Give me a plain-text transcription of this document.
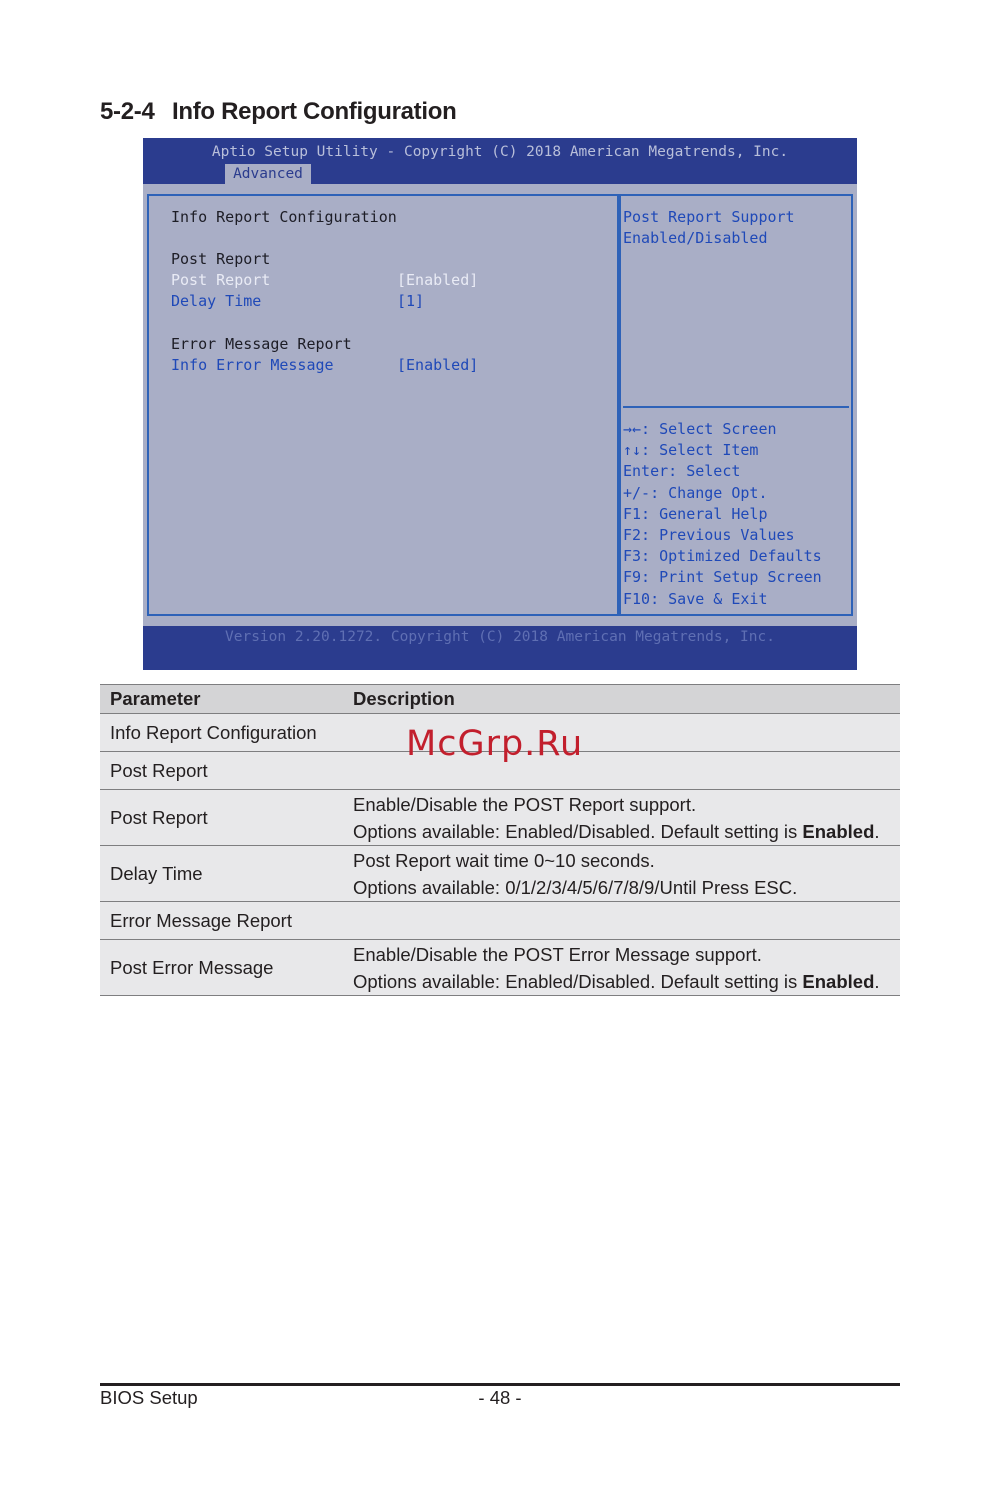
5-2-4 Info Report Configuration
Aptio Setup Utility - Copyright (C) 2018 American Megatrends, Inc.
Advanced
Info Report Configuration
Post Report
Post Report	[Enabled]
Delay Time	[1]
Error Message Report
Info Error Message	[Enabled]
Post Report Support
Enabled/Disabled
→←: Select Screen
↑↓: Select Item
Enter: Select
+/-: Change Opt.
F1: General Help
F2: Previous Values
F3: Optimized Defaults
F9: Print Setup Screen
F10: Save & Exit
Version 2.20.1272. Copyright (C) 2018 American Megatrends, Inc.
Parameter	Description
Info Report Configuration	
Post Report	
Post Report	Enable/Disable the POST Report support.
Options available: Enabled/Disabled. Default setting is Enabled.

Delay Time	Post Report wait time 0~10 seconds.
Options available: 0/1/2/3/4/5/6/7/8/9/Until Press ESC.

Error Message Report	
Post Error Message	Enable/Disable the POST Error Message support.
Options available: Enabled/Disabled. Default setting is Enabled.
McGrp.Ru
BIOS Setup	- 48 -
